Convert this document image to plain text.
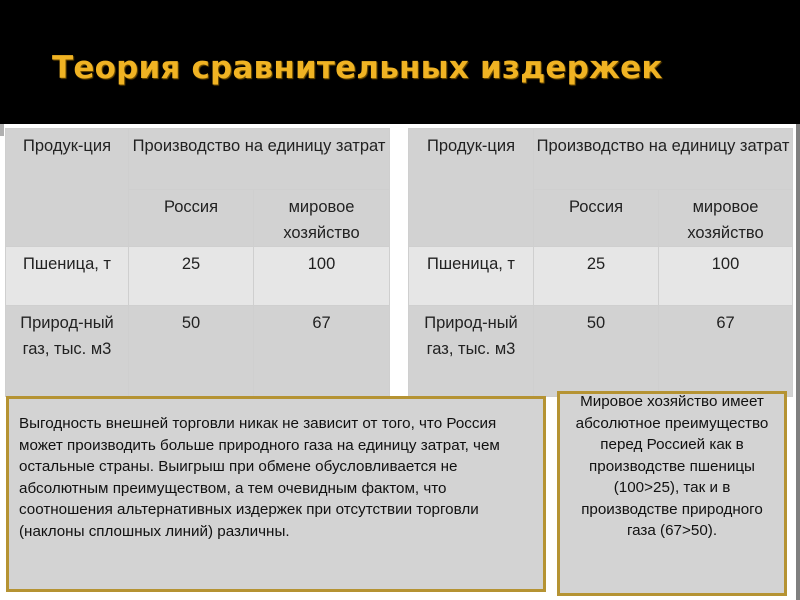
Теория сравнительных издержек
Продук-ция	Производство на единицу затрат	
	Россия	мировое хозяйство
Пшеница, т	25	100
Природ-ный газ, тыс. м3	50	67
Продук-ция	Производство на единицу затрат	
	Россия	мировое хозяйство
Пшеница, т	25	100
Природ-ный газ, тыс. м3	50	67
Выгодность внешней торговли никак не зависит от того, что Россия может производить больше природного газа на единицу затрат, чем остальные страны. Выигрыш при обмене обусловливается не абсолютным преимуществом, а тем очевидным фактом, что соотношения альтернативных издержек при отсутствии торговли (наклоны сплошных линий) различны.
Мировое хозяйство имеет абсолютное преимущество перед Россией как в производстве пшеницы (100>25), так и в производстве природного газа (67>50).
